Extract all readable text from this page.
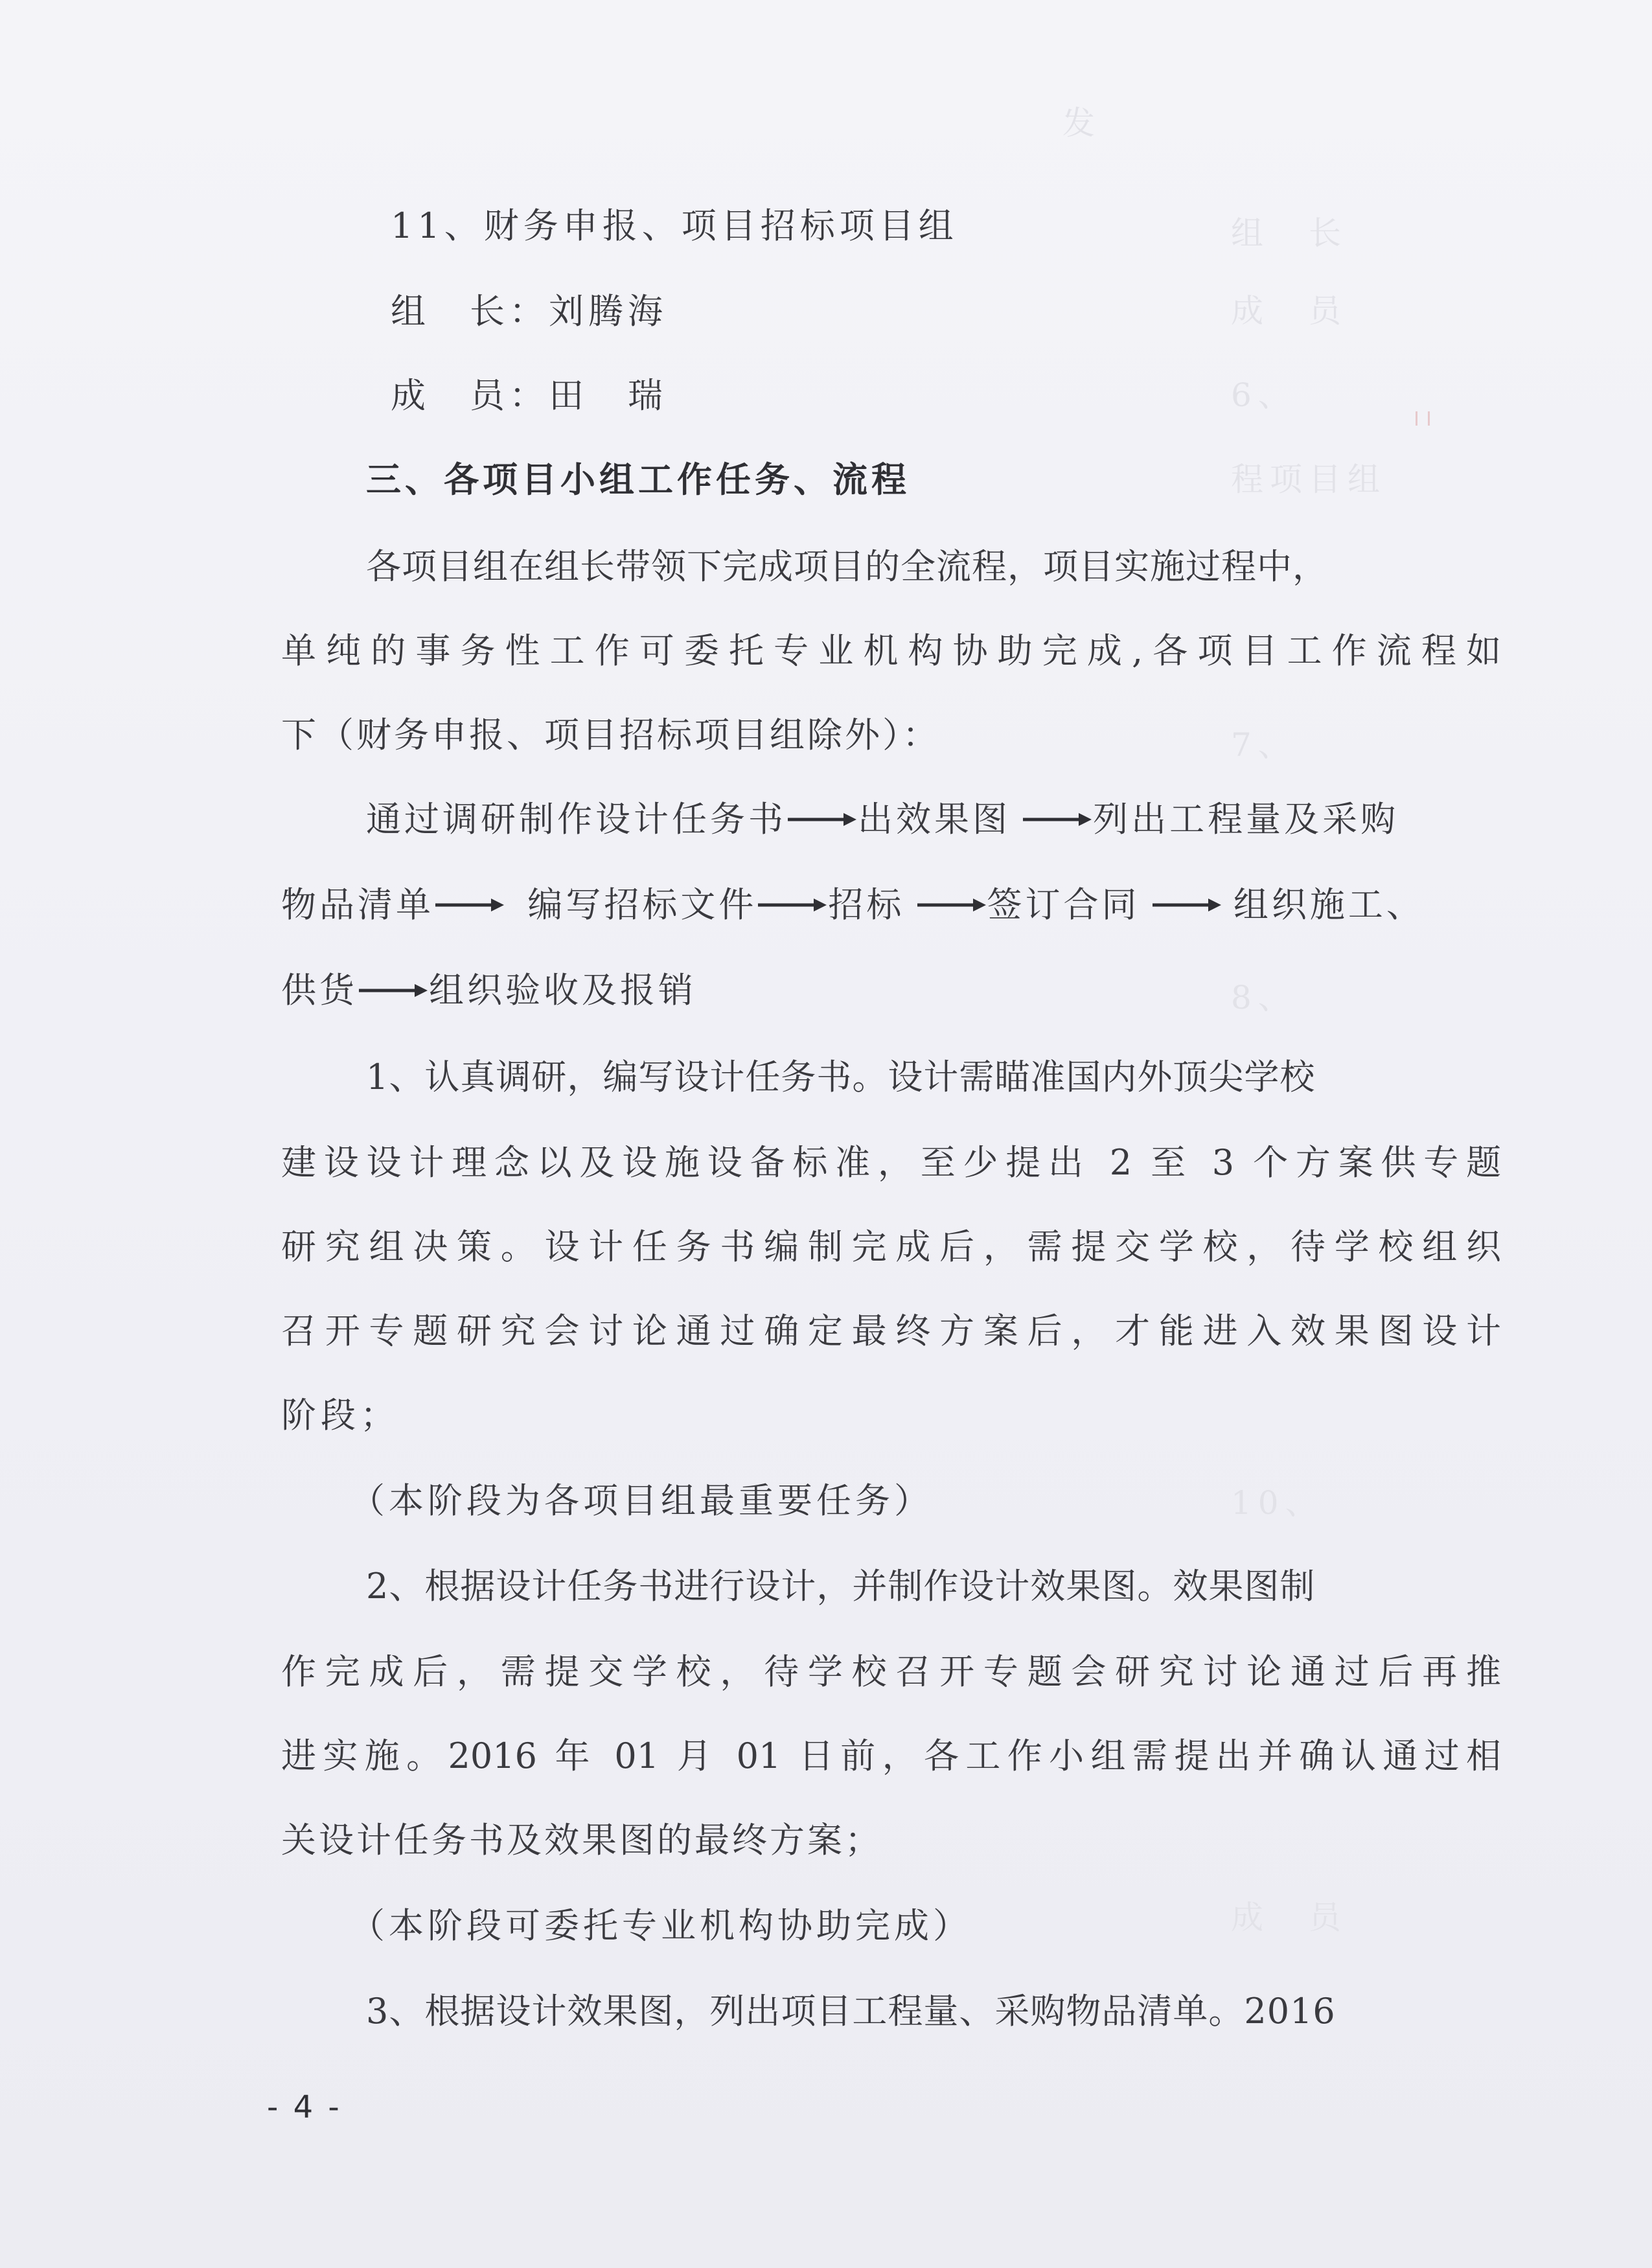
发
组　长
成　员
6、
程项目组
7、
8、
10、
成　员
11、财务申报、项目招标项目组
组　长：刘腾海
成　员：田　瑞
三、各项目小组工作任务、流程
各项目组在组长带领下完成项目的全流程，项目实施过程中，
单纯的事务性工作可委托专业机构协助完成,各项目工作流程如
下（财务申报、项目招标项目组除外）：
通过调研制作设计任务书 出效果图 列出工程量及采购
物品清单	编写招标文件 招标 签订合同	组织施工、
供货 组织验收及报销
1、认真调研，编写设计任务书。设计需瞄准国内外顶尖学校
建设设计理念以及设施设备标准，至少提出 2 至 3 个方案供专题
研究组决策。设计任务书编制完成后，需提交学校，待学校组织
召开专题研究会讨论通过确定最终方案后，才能进入效果图设计
阶段；
（本阶段为各项目组最重要任务）
2、根据设计任务书进行设计，并制作设计效果图。效果图制
作完成后，需提交学校，待学校召开专题会研究讨论通过后再推
进实施。2016 年 01 月 01 日前，各工作小组需提出并确认通过相
关设计任务书及效果图的最终方案；
（本阶段可委托专业机构协助完成）
3、根据设计效果图，列出项目工程量、采购物品清单。2016
- 4 -
